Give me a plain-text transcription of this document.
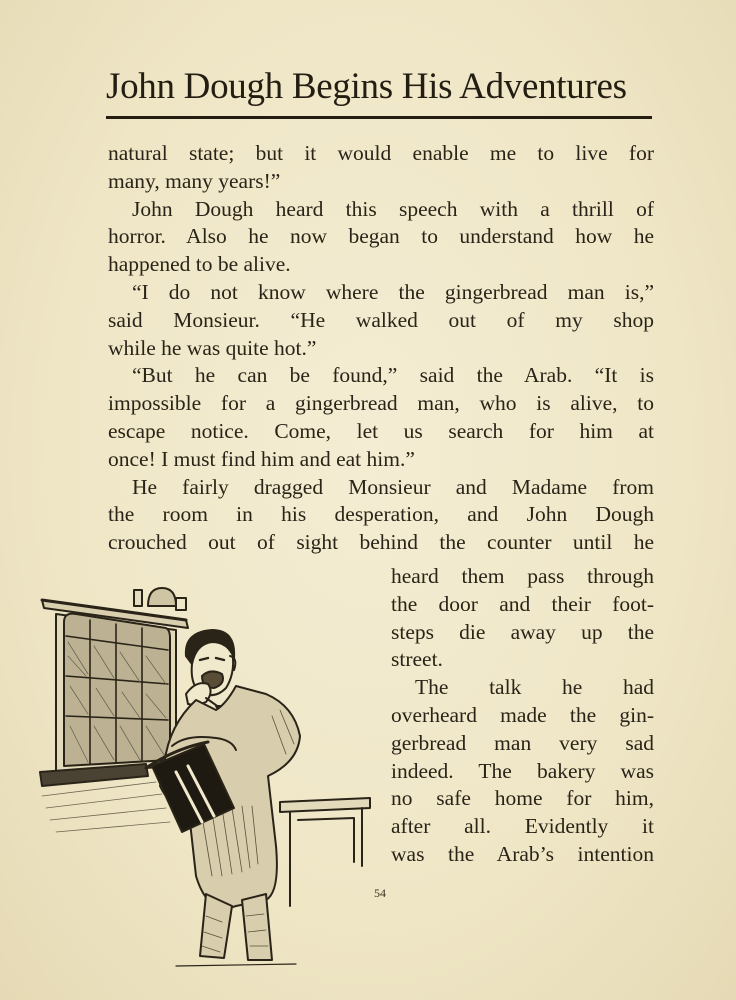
John Dough Begins His Adventures
natural state; but it would enable me to live for
many, many years!”
John Dough heard this speech with a thrill of
horror. Also he now began to understand how he
happened to be alive.
“I do not know where the gingerbread man is,”
said Monsieur. “He walked out of my shop
while he was quite hot.”
“But he can be found,” said the Arab. “It is
impossible for a gingerbread man, who is alive, to
escape notice. Come, let us search for him at
once! I must find him and eat him.”
He fairly dragged Monsieur and Madame from
the room in his desperation, and John Dough
crouched out of sight behind the counter until he
heard them pass through
the door and their foot-
steps die away up the
street.
The talk he had
overheard made the gin-
gerbread man very sad
indeed. The bakery was
no safe home for him,
after all. Evidently it
was the Arab’s intention
54
